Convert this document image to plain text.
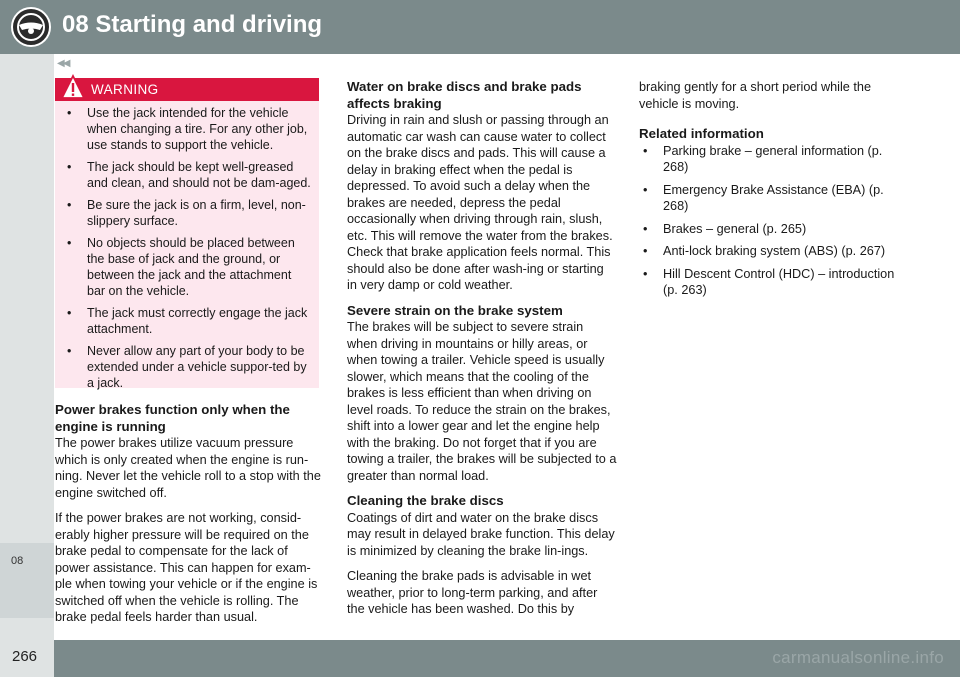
08 Starting and driving
08
◀◀
WARNING
• Use the jack intended for the vehicle when changing a tire. For any other job, use stands to support the vehicle.
• The jack should be kept well-greased and clean, and should not be dam-aged.
• Be sure the jack is on a firm, level, non-slippery surface.
• No objects should be placed between the base of jack and the ground, or between the jack and the attachment bar on the vehicle.
• The jack must correctly engage the jack attachment.
• Never allow any part of your body to be extended under a vehicle suppor-ted by a jack.
Power brakes function only when the engine is running

The power brakes utilize vacuum pressure which is only created when the engine is run-ning. Never let the vehicle roll to a stop with the engine switched off.

If the power brakes are not working, consid-erably higher pressure will be required on the brake pedal to compensate for the lack of power assistance. This can happen for exam-ple when towing your vehicle or if the engine is switched off when the vehicle is rolling. The brake pedal feels harder than usual.

Water on brake discs and brake pads affects braking

Driving in rain and slush or passing through an automatic car wash can cause water to collect on the brake discs and pads. This will cause a delay in braking effect when the pedal is depressed. To avoid such a delay when the brakes are needed, depress the pedal occasionally when driving through rain, slush, etc. This will remove the water from the brakes. Check that brake application feels normal. This should also be done after wash-ing or starting in very damp or cold weather.

Severe strain on the brake system

The brakes will be subject to severe strain when driving in mountains or hilly areas, or when towing a trailer. Vehicle speed is usually slower, which means that the cooling of the brakes is less efficient than when driving on level roads. To reduce the strain on the brakes, shift into a lower gear and let the engine help with the braking. Do not forget that if you are towing a trailer, the brakes will be subjected to a greater than normal load.

Cleaning the brake discs

Coatings of dirt and water on the brake discs may result in delayed brake function. This delay is minimized by cleaning the brake lin-ings.

Cleaning the brake pads is advisable in wet weather, prior to long-term parking, and after the vehicle has been washed. Do this by

braking gently for a short period while the vehicle is moving.

Related information
• Parking brake – general information (p. 268)
• Emergency Brake Assistance (EBA) (p. 268)
• Brakes – general (p. 265)
• Anti-lock braking system (ABS) (p. 267)
• Hill Descent Control (HDC) – introduction (p. 263)
266	carmanualsonline.info
